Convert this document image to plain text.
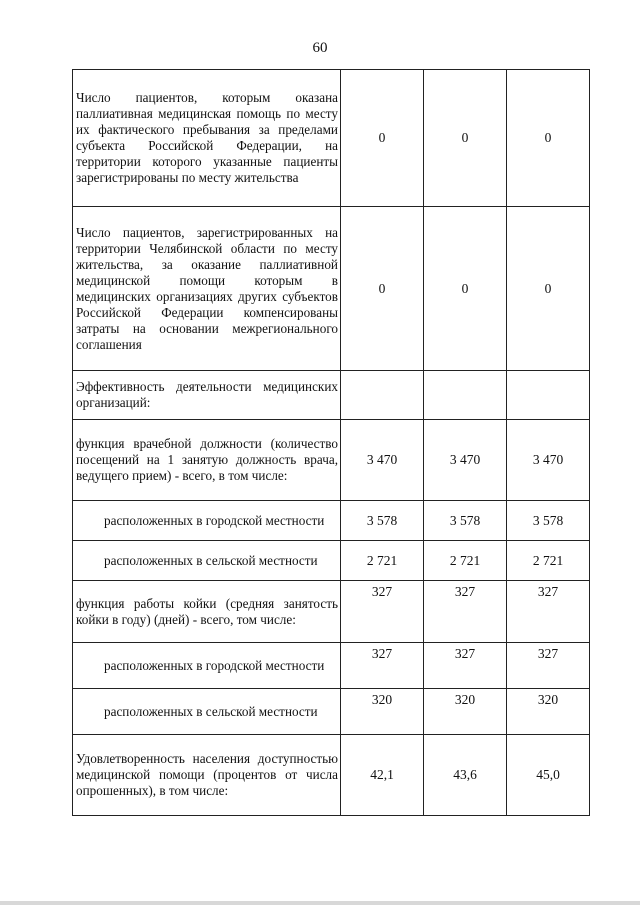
60
Число пациентов, которым оказана паллиативная медицинская помощь по месту их фактического пребывания за пределами субъекта Российской Федерации, на территории которого указанные пациенты зарегистрированы по месту жительства	0	0	0
Число пациентов, зарегистрированных на территории Челябинской области по месту жительства, за оказание паллиативной медицинской помощи которым в медицинских организациях других субъектов Российской Федерации компенсированы затраты на основании межрегионального соглашения	0	0	0
Эффективность деятельности медицинских организаций:			
функция врачебной должности (количество посещений на 1 занятую должность врача, ведущего прием) - всего, в том числе:	3 470	3 470	3 470
расположенных в городской местности	3 578	3 578	3 578
расположенных в сельской местности	2 721	2 721	2 721
функция работы койки (средняя занятость койки в году) (дней) - всего, том числе:	327	327	327
расположенных в городской местности	327	327	327
расположенных в сельской местности	320	320	320
Удовлетворенность населения доступностью медицинской помощи (процентов от числа опрошенных), в том числе:	42,1	43,6	45,0
